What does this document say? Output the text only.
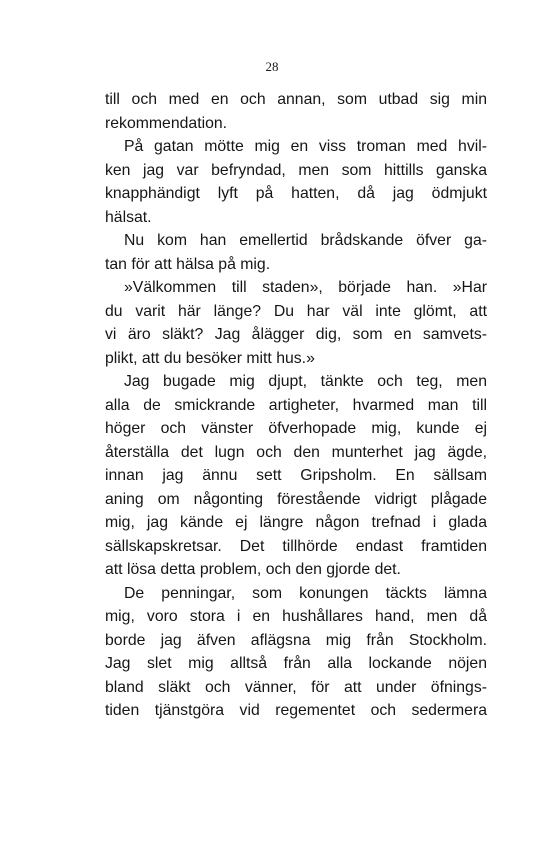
28
till och med en och annan, som utbad sig min
rekommendation.
På gatan mötte mig en viss troman med hvil-
ken jag var befryndad, men som hittills ganska
knapphändigt lyft på hatten, då jag ödmjukt
hälsat.
Nu kom han emellertid brådskande öfver ga-
tan för att hälsa på mig.
»Välkommen till staden», började han. »Har
du varit här länge? Du har väl inte glömt, att
vi äro släkt? Jag ålägger dig, som en samvets-
plikt, att du besöker mitt hus.»
Jag bugade mig djupt, tänkte och teg, men
alla de smickrande artigheter, hvarmed man till
höger och vänster öfverhopade mig, kunde ej
återställa det lugn och den munterhet jag ägde,
innan jag ännu sett Gripsholm. En sällsam
aning om någonting förestående vidrigt plågade
mig, jag kände ej längre någon trefnad i glada
sällskapskretsar. Det tillhörde endast framtiden
att lösa detta problem, och den gjorde det.
De penningar, som konungen täckts lämna
mig, voro stora i en hushållares hand, men då
borde jag äfven aflägsna mig från Stockholm.
Jag slet mig alltså från alla lockande nöjen
bland släkt och vänner, för att under öfnings-
tiden tjänstgöra vid regementet och sedermera
